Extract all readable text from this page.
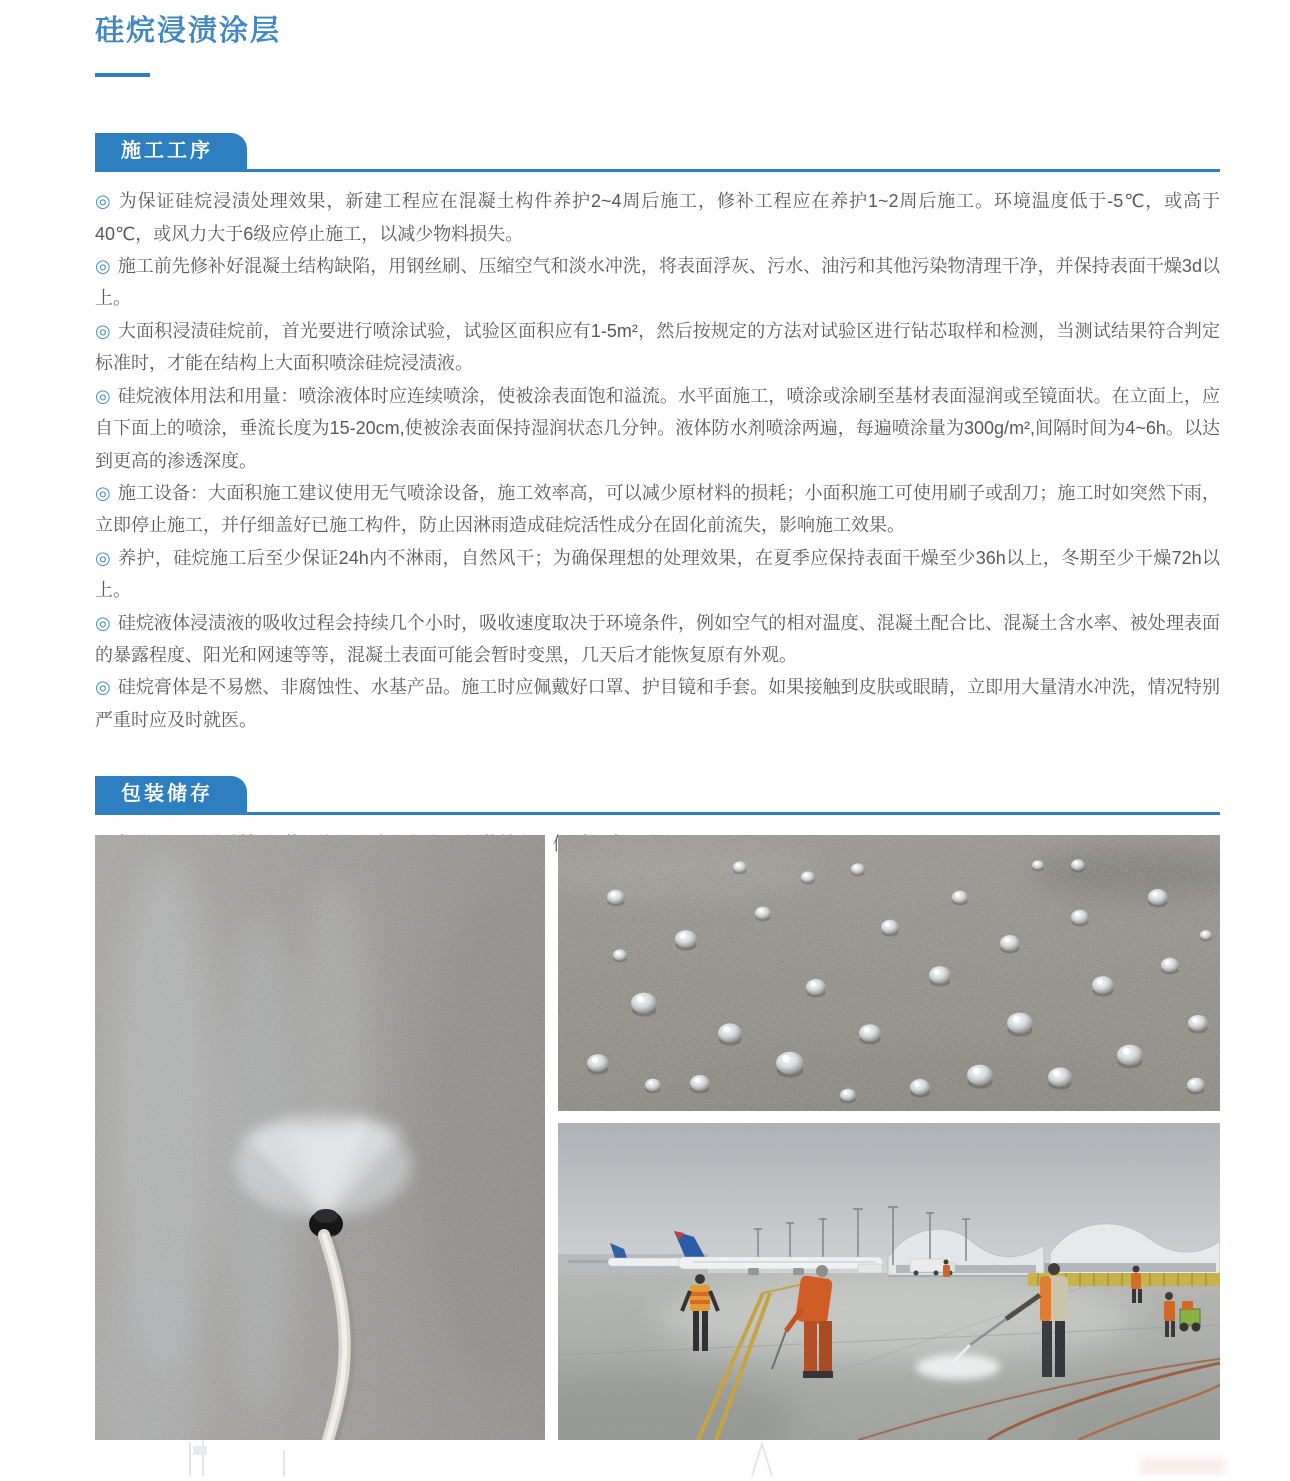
硅烷浸渍涂层
施工工序

◎ 为保证硅烷浸渍处理效果，新建工程应在混凝土构件养护2~4周后施工，修补工程应在养护1~2周后施工。环境温度低于-5℃，或高于40℃，或风力大于6级应停止施工，以减少物料损失。

◎ 施工前先修补好混凝土结构缺陷，用钢丝刷、压缩空气和淡水冲洗，将表面浮灰、污水、油污和其他污染物清理干净，并保持表面干燥3d以上。

◎ 大面积浸渍硅烷前，首光要进行喷涂试验，试验区面积应有1-5m²，然后按规定的方法对试验区进行钻芯取样和检测，当测试结果符合判定标准时，才能在结构上大面积喷涂硅烷浸渍液。

◎ 硅烷液体用法和用量：喷涂液体时应连续喷涂，使被涂表面饱和溢流。水平面施工，喷涂或涂刷至基材表面湿润或至镜面状。在立面上，应自下面上的喷涂，垂流长度为15-20cm,使被涂表面保持湿润状态几分钟。液体防水剂喷涂两遍，每遍喷涂量为300g/m²,间隔时间为4~6h。以达到更高的渗透深度。

◎ 施工设备：大面积施工建议使用无气喷涂设备，施工效率高，可以减少原材料的损耗；小面积施工可使用刷子或刮刀；施工时如突然下雨，立即停止施工，并仔细盖好已施工构件，防止因淋雨造成硅烷活性成分在固化前流失，影响施工效果。

◎ 养护，硅烷施工后至少保证24h内不淋雨，自然风干；为确保理想的处理效果，在夏季应保持表面干燥至少36h以上，冬期至少干燥72h以上。

◎ 硅烷液体浸渍液的吸收过程会持续几个小时，吸收速度取决于环境条件，例如空气的相对温度、混凝土配合比、混凝土含水率、被处理表面的暴露程度、阳光和网速等等，混凝土表面可能会暂时变黑，几天后才能恢复原有外观。

◎ 硅烷膏体是不易燃、非腐蚀性、水基产品。施工时应佩戴好口罩、护目镜和手套。如果接触到皮肤或眼睛，立即用大量清水冲洗，情况特别严重时应及时就医。

包装储存
